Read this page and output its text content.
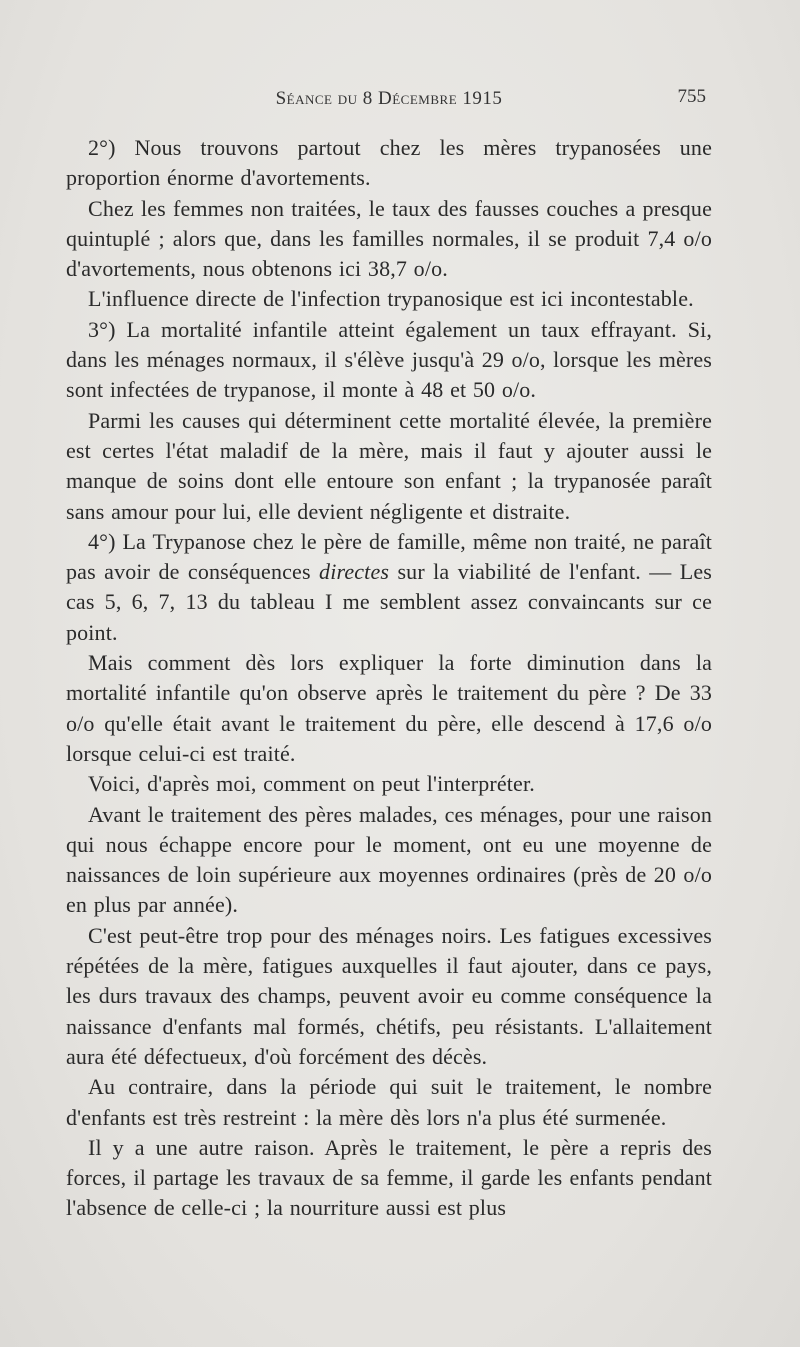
Séance du 8 Décembre 1915	755

2°) Nous trouvons partout chez les mères trypanosées une proportion énorme d'avortements.

Chez les femmes non traitées, le taux des fausses couches a presque quintuplé ; alors que, dans les familles normales, il se produit 7,4 o/o d'avortements, nous obtenons ici 38,7 o/o.

L'influence directe de l'infection trypanosique est ici incontestable.

3°) La mortalité infantile atteint également un taux effrayant. Si, dans les ménages normaux, il s'élève jusqu'à 29 o/o, lorsque les mères sont infectées de trypanose, il monte à 48 et 50 o/o.

Parmi les causes qui déterminent cette mortalité élevée, la première est certes l'état maladif de la mère, mais il faut y ajouter aussi le manque de soins dont elle entoure son enfant ; la trypanosée paraît sans amour pour lui, elle devient négligente et distraite.

4°) La Trypanose chez le père de famille, même non traité, ne paraît pas avoir de conséquences directes sur la viabilité de l'enfant. — Les cas 5, 6, 7, 13 du tableau I me semblent assez convaincants sur ce point.

Mais comment dès lors expliquer la forte diminution dans la mortalité infantile qu'on observe après le traitement du père ? De 33 o/o qu'elle était avant le traitement du père, elle descend à 17,6 o/o lorsque celui-ci est traité.

Voici, d'après moi, comment on peut l'interpréter.

Avant le traitement des pères malades, ces ménages, pour une raison qui nous échappe encore pour le moment, ont eu une moyenne de naissances de loin supérieure aux moyennes ordinaires (près de 20 o/o en plus par année).

C'est peut-être trop pour des ménages noirs. Les fatigues excessives répétées de la mère, fatigues auxquelles il faut ajouter, dans ce pays, les durs travaux des champs, peuvent avoir eu comme conséquence la naissance d'enfants mal formés, chétifs, peu résistants. L'allaitement aura été défectueux, d'où forcément des décès.

Au contraire, dans la période qui suit le traitement, le nombre d'enfants est très restreint : la mère dès lors n'a plus été surmenée.

Il y a une autre raison. Après le traitement, le père a repris des forces, il partage les travaux de sa femme, il garde les enfants pendant l'absence de celle-ci ; la nourriture aussi est plus
